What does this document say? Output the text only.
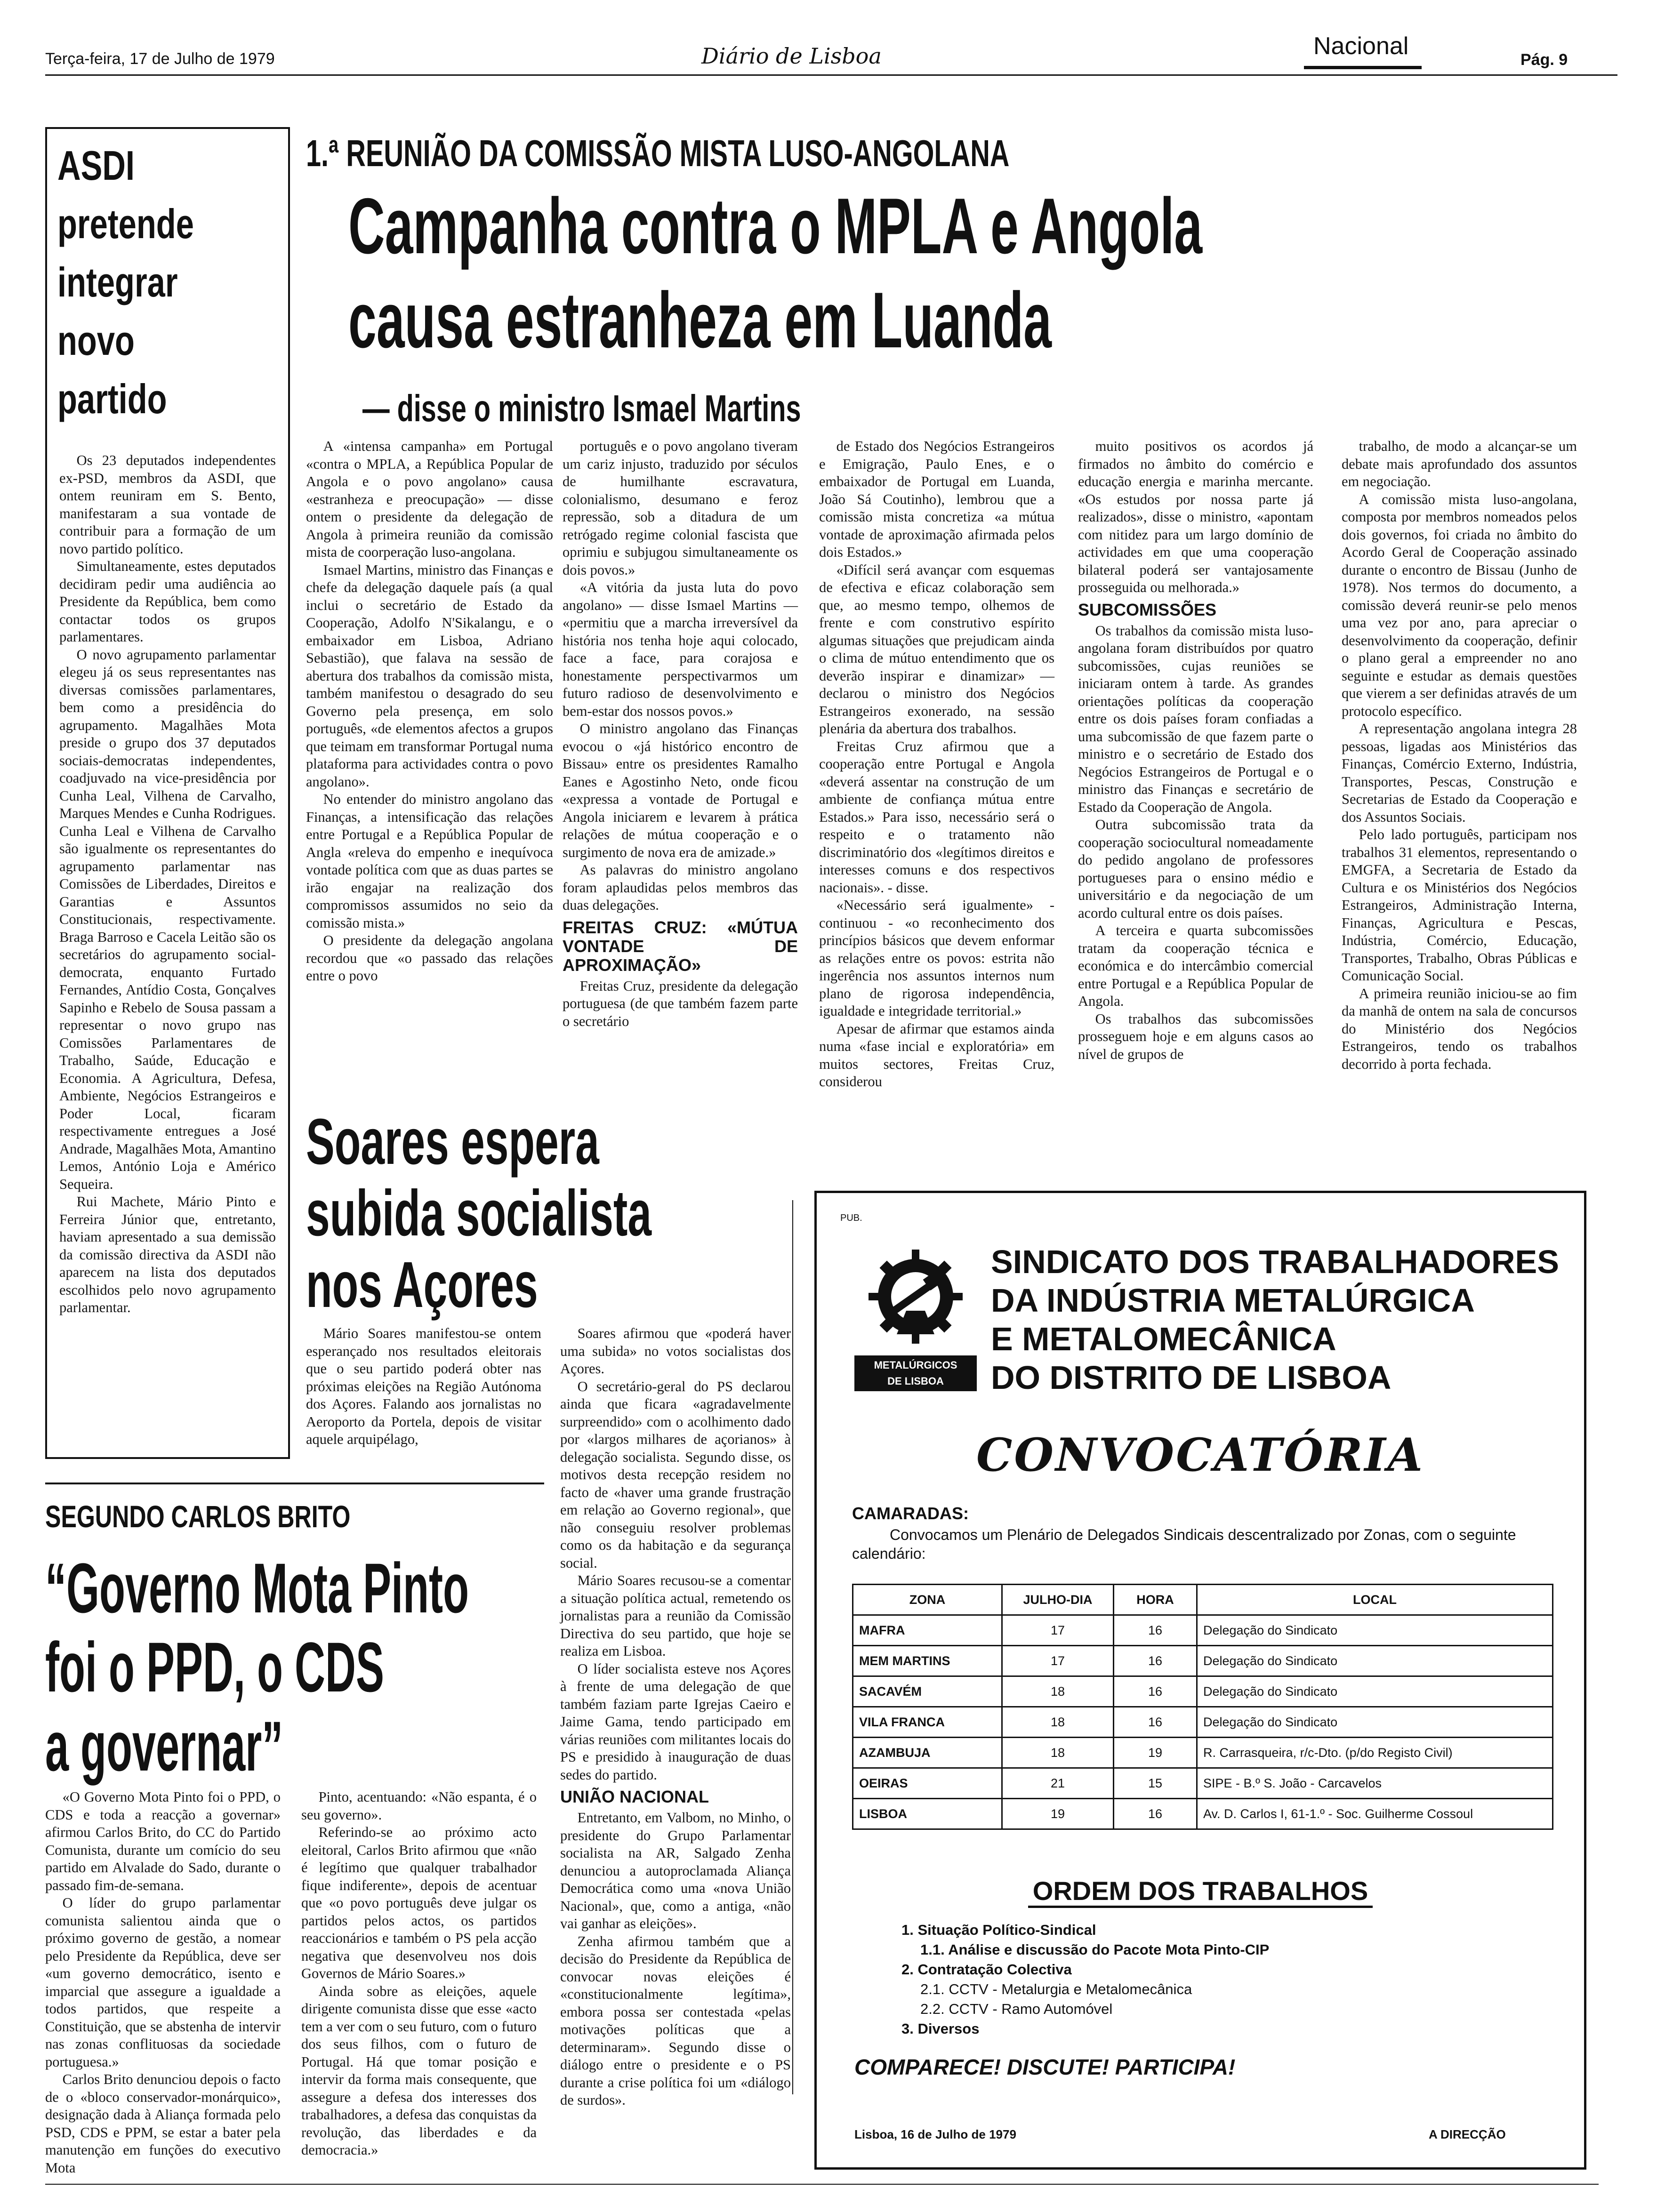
Terça-feira, 17 de Julho de 1979	Diário de Lisboa	Nacional	Pág. 9
ASDI
pretende
integrar
novo
partido

Os 23 deputados independentes ex-PSD, membros da ASDI, que ontem reuniram em S. Bento, manifestaram a sua vontade de contribuir para a formação de um novo partido político.

Simultaneamente, estes deputados decidiram pedir uma audiência ao Presidente da República, bem como contactar todos os grupos parlamentares.

O novo agrupamento parlamentar elegeu já os seus representantes nas diversas comissões parlamentares, bem como a presidência do agrupamento. Magalhães Mota preside o grupo dos 37 deputados sociais-democratas independentes, coadjuvado na vice-presidência por Cunha Leal, Vilhena de Carvalho, Marques Mendes e Cunha Rodrigues. Cunha Leal e Vilhena de Carvalho são igualmente os representantes do agrupamento parlamentar nas Comissões de Liberdades, Direitos e Garantias e Assuntos Constitucionais, respectivamente. Braga Barroso e Cacela Leitão são os secretários do agrupamento social-democrata, enquanto Furtado Fernandes, Antídio Costa, Gonçalves Sapinho e Rebelo de Sousa passam a representar o novo grupo nas Comissões Parlamentares de Trabalho, Saúde, Educação e Economia. A Agricultura, Defesa, Ambiente, Negócios Estrangeiros e Poder Local, ficaram respectivamente entregues a José Andrade, Magalhães Mota, Amantino Lemos, António Loja e Américo Sequeira.

Rui Machete, Mário Pinto e Ferreira Júnior que, entretanto, haviam apresentado a sua demissão da comissão directiva da ASDI não aparecem na lista dos deputados escolhidos pelo novo agrupamento parlamentar.

1.ª REUNIÃO DA COMISSÃO MISTA LUSO-ANGOLANA
Campanha contra o MPLA e Angola
causa estranheza em Luanda
— disse o ministro Ismael Martins

A «intensa campanha» em Portugal «contra o MPLA, a República Popular de Angola e o povo angolano» causa «estranheza e preocupação» — disse ontem o presidente da delegação de Angola à primeira reunião da comissão mista de coorperação luso-angolana.

Ismael Martins, ministro das Finanças e chefe da delegação daquele país (a qual inclui o secretário de Estado da Cooperação, Adolfo N'Sikalangu, e o embaixador em Lisboa, Adriano Sebastião), que falava na sessão de abertura dos trabalhos da comissão mista, também manifestou o desagrado do seu Governo pela presença, em solo português, «de elementos afectos a grupos que teimam em transformar Portugal numa plataforma para actividades contra o povo angolano».

No entender do ministro angolano das Finanças, a intensificação das relações entre Portugal e a República Popular de Angla «releva do empenho e inequívoca vontade política com que as duas partes se irão engajar na realização dos compromissos assumidos no seio da comissão mista.»

O presidente da delegação angolana recordou que «o passado das relações entre o povo

português e o povo angolano tiveram um cariz injusto, traduzido por séculos de humilhante escravatura, colonialismo, desumano e feroz repressão, sob a ditadura de um retrógado regime colonial fascista que oprimiu e subjugou simultaneamente os dois povos.»

«A vitória da justa luta do povo angolano» — disse Ismael Martins — «permitiu que a marcha irreversível da história nos tenha hoje aqui colocado, face a face, para corajosa e honestamente perspectivarmos um futuro radioso de desenvolvimento e bem-estar dos nossos povos.»

O ministro angolano das Finanças evocou o «já histórico encontro de Bissau» entre os presidentes Ramalho Eanes e Agostinho Neto, onde ficou «expressa a vontade de Portugal e Angola iniciarem e levarem à prática relações de mútua cooperação e o surgimento de nova era de amizade.»

As palavras do ministro angolano foram aplaudidas pelos membros das duas delegações.

FREITAS CRUZ: «MÚTUA VONTADE DE APROXIMAÇÃO»

Freitas Cruz, presidente da delegação portuguesa (de que também fazem parte o secretário

de Estado dos Negócios Estrangeiros e Emigração, Paulo Enes, e o embaixador de Portugal em Luanda, João Sá Coutinho), lembrou que a comissão mista concretiza «a mútua vontade de aproximação afirmada pelos dois Estados.»

«Difícil será avançar com esquemas de efectiva e eficaz colaboração sem que, ao mesmo tempo, olhemos de frente e com construtivo espírito algumas situações que prejudicam ainda o clima de mútuo entendimento que os deverão inspirar e dinamizar» — declarou o ministro dos Negócios Estrangeiros exonerado, na sessão plenária da abertura dos trabalhos.

Freitas Cruz afirmou que a cooperação entre Portugal e Angola «deverá assentar na construção de um ambiente de confiança mútua entre Estados.» Para isso, necessário será o respeito e o tratamento não discriminatório dos «legítimos direitos e interesses comuns e dos respectivos nacionais». - disse.

«Necessário será igualmente» - continuou - «o reconhecimento dos princípios básicos que devem enformar as relações entre os povos: estrita não ingerência nos assuntos internos num plano de rigorosa independência, igualdade e integridade territorial.»

Apesar de afirmar que estamos ainda numa «fase incial e exploratória» em muitos sectores, Freitas Cruz, considerou

muito positivos os acordos já firmados no âmbito do comércio e educação energia e marinha mercante. «Os estudos por nossa parte já realizados», disse o ministro, «apontam com nitidez para um largo domínio de actividades em que uma cooperação bilateral poderá ser vantajosamente prosseguida ou melhorada.»

SUBCOMISSÕES

Os trabalhos da comissão mista luso-angolana foram distribuídos por quatro subcomissões, cujas reuniões se iniciaram ontem à tarde. As grandes orientações políticas da cooperação entre os dois países foram confiadas a uma subcomissão de que fazem parte o ministro e o secretário de Estado dos Negócios Estrangeiros de Portugal e o ministro das Finanças e secretário de Estado da Cooperação de Angola.

Outra subcomissão trata da cooperação sociocultural nomeadamente do pedido angolano de professores portugueses para o ensino médio e universitário e da negociação de um acordo cultural entre os dois países.

A terceira e quarta subcomissões tratam da cooperação técnica e económica e do intercâmbio comercial entre Portugal e a República Popular de Angola.

Os trabalhos das subcomissões prosseguem hoje e em alguns casos ao nível de grupos de

trabalho, de modo a alcançar-se um debate mais aprofundado dos assuntos em negociação.

A comissão mista luso-angolana, composta por membros nomeados pelos dois governos, foi criada no âmbito do Acordo Geral de Cooperação assinado durante o encontro de Bissau (Junho de 1978). Nos termos do documento, a comissão deverá reunir-se pelo menos uma vez por ano, para apreciar o desenvolvimento da cooperação, definir o plano geral a empreender no ano seguinte e estudar as demais questões que vierem a ser definidas através de um protocolo específico.

A representação angolana integra 28 pessoas, ligadas aos Ministérios das Finanças, Comércio Externo, Indústria, Transportes, Pescas, Construção e Secretarias de Estado da Cooperação e dos Assuntos Sociais.

Pelo lado português, participam nos trabalhos 31 elementos, representando o EMGFA, a Secretaria de Estado da Cultura e os Ministérios dos Negócios Estrangeiros, Administração Interna, Finanças, Agricultura e Pescas, Indústria, Comércio, Educação, Transportes, Trabalho, Obras Públicas e Comunicação Social.

A primeira reunião iniciou-se ao fim da manhã de ontem na sala de concursos do Ministério dos Negócios Estrangeiros, tendo os trabalhos decorrido à porta fechada.

Soares espera
subida socialista
nos Açores

Mário Soares manifestou-se ontem esperançado nos resultados eleitorais que o seu partido poderá obter nas próximas eleições na Região Autónoma dos Açores. Falando aos jornalistas no Aeroporto da Portela, depois de visitar aquele arquipélago,

Soares afirmou que «poderá haver uma subida» no votos socialistas dos Açores.

O secretário-geral do PS declarou ainda que ficara «agradavelmente surpreendido» com o acolhimento dado por «largos milhares de açorianos» à delegação socialista. Segundo disse, os motivos desta recepção residem no facto de «haver uma grande frustração em relação ao Governo regional», que não conseguiu resolver problemas como os da habitação e da segurança social.

Mário Soares recusou-se a comentar a situação política actual, remetendo os jornalistas para a reunião da Comissão Directiva do seu partido, que hoje se realiza em Lisboa.

O líder socialista esteve nos Açores à frente de uma delegação de que também faziam parte Igrejas Caeiro e Jaime Gama, tendo participado em várias reuniões com militantes locais do PS e presidido à inauguração de duas sedes do partido.

UNIÃO NACIONAL

Entretanto, em Valbom, no Minho, o presidente do Grupo Parlamentar socialista na AR, Salgado Zenha denunciou a autoproclamada Aliança Democrática como uma «nova União Nacional», que, como a antiga, «não vai ganhar as eleições».

Zenha afirmou também que a decisão do Presidente da República de convocar novas eleições é «constitucionalmente legítima», embora possa ser contestada «pelas motivações políticas que a determinaram». Segundo disse o diálogo entre o presidente e o PS durante a crise política foi um «diálogo de surdos».

SEGUNDO CARLOS BRITO
“Governo Mota Pinto
foi o PPD, o CDS
a governar”

«O Governo Mota Pinto foi o PPD, o CDS e toda a reacção a governar» afirmou Carlos Brito, do CC do Partido Comunista, durante um comício do seu partido em Alvalade do Sado, durante o passado fim-de-semana.

O líder do grupo parlamentar comunista salientou ainda que o próximo governo de gestão, a nomear pelo Presidente da República, deve ser «um governo democrático, isento e imparcial que assegure a igualdade a todos partidos, que respeite a Constituição, que se abstenha de intervir nas zonas conflituosas da sociedade portuguesa.»

Carlos Brito denunciou depois o facto de o «bloco conservador-monárquico», designação dada à Aliança formada pelo PSD, CDS e PPM, se estar a bater pela manutenção em funções do executivo Mota

Pinto, acentuando: «Não espanta, é o seu governo».

Referindo-se ao próximo acto eleitoral, Carlos Brito afirmou que «não é legítimo que qualquer trabalhador fique indiferente», depois de acentuar que «o povo português deve julgar os partidos pelos actos, os partidos reaccionários e também o PS pela acção negativa que desenvolveu nos dois Governos de Mário Soares.»

Ainda sobre as eleições, aquele dirigente comunista disse que esse «acto tem a ver com o seu futuro, com o futuro dos seus filhos, com o futuro de Portugal. Há que tomar posição e intervir da forma mais consequente, que assegure a defesa dos interesses dos trabalhadores, a defesa das conquistas da revolução, das liberdades e da democracia.»

PUB.
METALÚRGICOS
DE LISBOA
SINDICATO DOS TRABALHADORES
DA INDÚSTRIA METALÚRGICA
E METALOMECÂNICA
DO DISTRITO DE LISBOA
CONVOCATÓRIA
CAMARADAS:
Convocamos um Plenário de Delegados Sindicais descentralizado por Zonas, com o seguinte calendário:
ZONA	JULHO-DIA	HORA	LOCAL
MAFRA	17	16	Delegação do Sindicato
MEM MARTINS	17	16	Delegação do Sindicato
SACAVÉM	18	16	Delegação do Sindicato
VILA FRANCA	18	16	Delegação do Sindicato
AZAMBUJA	18	19	R. Carrasqueira, r/c-Dto. (p/do Registo Civil)
OEIRAS	21	15	SIPE - B.º S. João - Carcavelos
LISBOA	19	16	Av. D. Carlos I, 61-1.º - Soc. Guilherme Cossoul
ORDEM DOS TRABALHOS
1. Situação Político-Sindical
1.1. Análise e discussão do Pacote Mota Pinto-CIP
2. Contratação Colectiva
2.1. CCTV - Metalurgia e Metalomecânica
2.2. CCTV - Ramo Automóvel
3. Diversos
COMPARECE! DISCUTE! PARTICIPA!
Lisboa, 16 de Julho de 1979	A DIRECÇÃO
